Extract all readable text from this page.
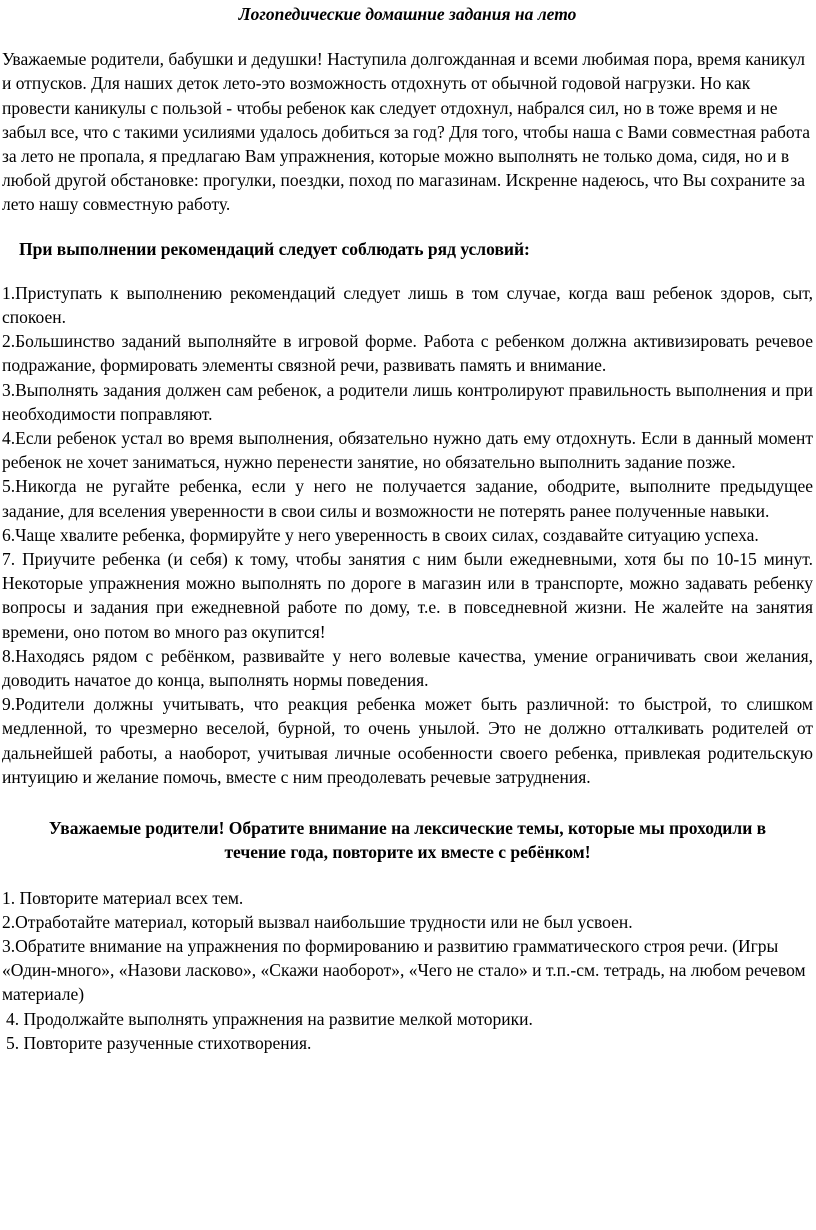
Логопедические домашние задания на лето

Уважаемые родители, бабушки и дедушки! Наступила долгожданная и всеми любимая пора, время каникул и отпусков. Для наших деток лето-это возможность отдохнуть от обычной годовой нагрузки. Но как провести каникулы с пользой - чтобы ребенок как следует отдохнул, набрался сил, но в тоже время и не забыл все, что с такими усилиями удалось добиться за год? Для того, чтобы наша с Вами совместная работа за лето не пропала, я предлагаю Вам упражнения, которые можно выполнять не только дома, сидя, но и в любой другой обстановке: прогулки, поездки, поход по магазинам. Искренне надеюсь, что Вы сохраните за лето нашу совместную работу.

При выполнении рекомендаций следует соблюдать ряд условий:

1.Приступать к выполнению рекомендаций следует лишь в том случае, когда ваш ребенок здоров, сыт, спокоен.

2.Большинство заданий выполняйте в игровой форме. Работа с ребенком должна активизировать речевое подражание, формировать элементы связной речи, развивать память и внимание.

3.Выполнять задания должен сам ребенок, а родители лишь контролируют правильность выполнения и при необходимости поправляют.

4.Если ребенок устал во время выполнения, обязательно нужно дать ему отдохнуть. Если в данный момент ребенок не хочет заниматься, нужно перенести занятие, но обязательно выполнить задание позже.

5.Никогда не ругайте ребенка, если у него не получается задание, ободрите, выполните предыдущее задание, для вселения уверенности в свои силы и возможности не потерять ранее полученные навыки.

6.Чаще хвалите ребенка, формируйте у него уверенность в своих силах, создавайте ситуацию успеха.

7. Приучите ребенка (и себя) к тому, чтобы занятия с ним были ежедневными, хотя бы по 10-15 минут. Некоторые упражнения можно выполнять по дороге в магазин или в транспорте, можно задавать ребенку вопросы и задания при ежедневной работе по дому, т.е. в повседневной жизни. Не жалейте на занятия времени, оно потом во много раз окупится!

8.Находясь рядом с ребёнком, развивайте у него волевые качества, умение ограничивать свои желания, доводить начатое до конца, выполнять нормы поведения.

9.Родители должны учитывать, что реакция ребенка может быть различной: то быстрой, то слишком медленной, то чрезмерно веселой, бурной, то очень унылой. Это не должно отталкивать родителей от дальнейшей работы, а наоборот, учитывая личные особенности своего ребенка, привлекая родительскую интуицию и желание помочь, вместе с ним преодолевать речевые затруднения.

Уважаемые родители! Обратите внимание на лексические темы, которые мы проходили в течение года, повторите их вместе с ребёнком!

1. Повторите материал всех тем.

2.Отработайте материал, который вызвал наибольшие трудности или не был усвоен.

3.Обратите внимание на упражнения по формированию и развитию грамматического строя речи. (Игры «Один-много», «Назови ласково», «Скажи наоборот», «Чего не стало» и т.п.-см. тетрадь, на любом речевом материале)

4. Продолжайте выполнять упражнения на развитие мелкой моторики.

5. Повторите разученные стихотворения.
